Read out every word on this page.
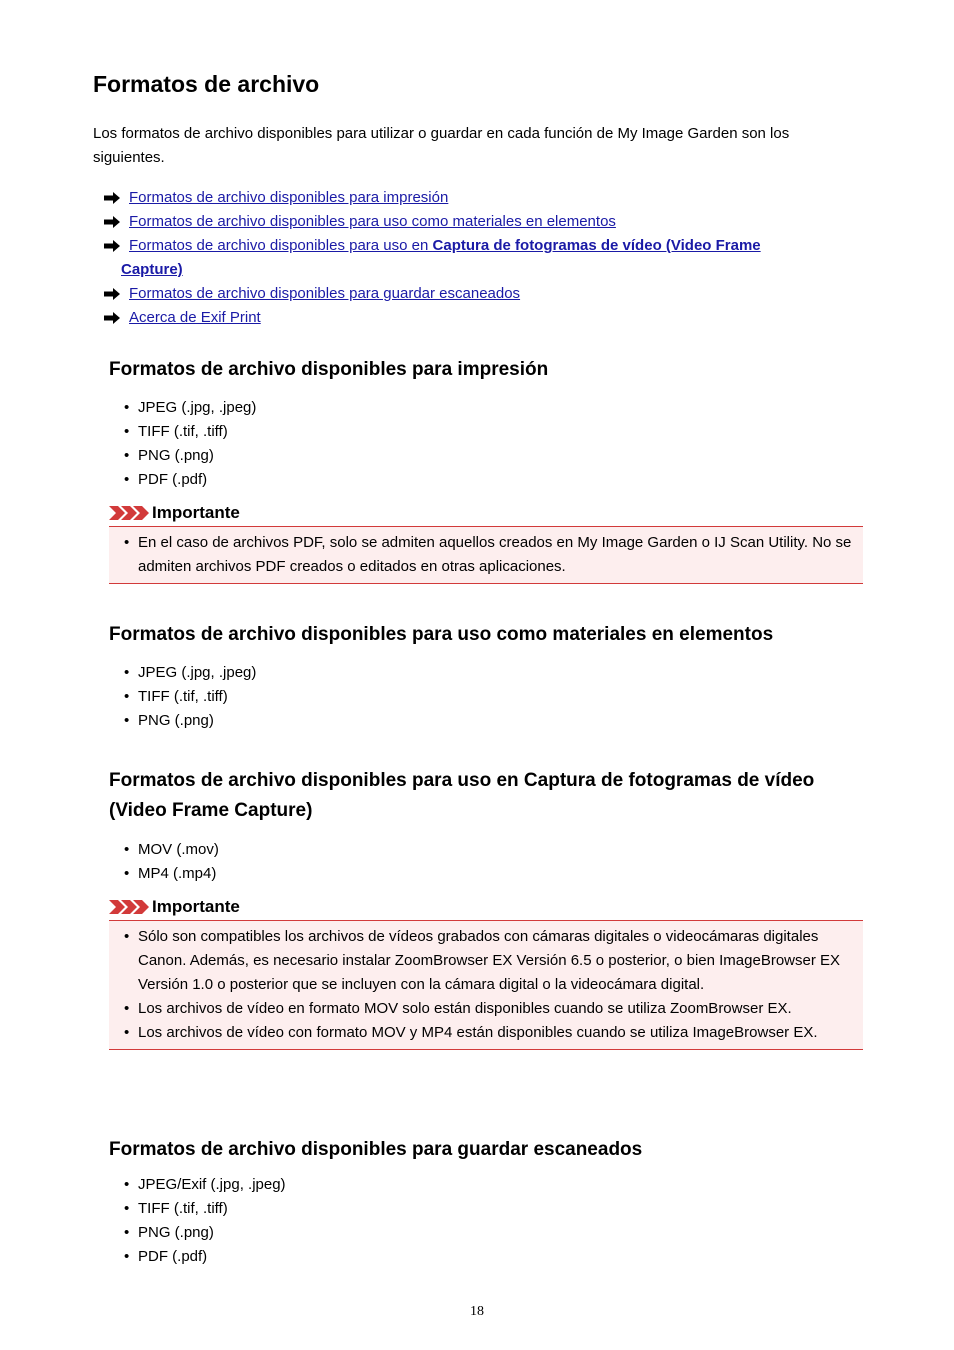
Formatos de archivo

Los formatos de archivo disponibles para utilizar o guardar en cada función de My Image Garden son los siguientes.

Formatos de archivo disponibles para impresión
Formatos de archivo disponibles para uso como materiales en elementos
Formatos de archivo disponibles para uso en Captura de fotogramas de vídeo (Video Frame
Capture)
Formatos de archivo disponibles para guardar escaneados
Acerca de Exif Print
Formatos de archivo disponibles para impresión
• JPEG (.jpg, .jpeg)
• TIFF (.tif, .tiff)
• PNG (.png)
• PDF (.pdf)
Importante
• En el caso de archivos PDF, solo se admiten aquellos creados en My Image Garden o IJ Scan Utility. No se admiten archivos PDF creados o editados en otras aplicaciones.
Formatos de archivo disponibles para uso como materiales en elementos
• JPEG (.jpg, .jpeg)
• TIFF (.tif, .tiff)
• PNG (.png)
Formatos de archivo disponibles para uso en Captura de fotogramas de vídeo (Video Frame Capture)
• MOV (.mov)
• MP4 (.mp4)
Importante
• Sólo son compatibles los archivos de vídeos grabados con cámaras digitales o videocámaras digitales Canon. Además, es necesario instalar ZoomBrowser EX Versión 6.5 o posterior, o bien ImageBrowser EX Versión 1.0 o posterior que se incluyen con la cámara digital o la videocámara digital.
• Los archivos de vídeo en formato MOV solo están disponibles cuando se utiliza ZoomBrowser EX.
• Los archivos de vídeo con formato MOV y MP4 están disponibles cuando se utiliza ImageBrowser EX.
Formatos de archivo disponibles para guardar escaneados
• JPEG/Exif (.jpg, .jpeg)
• TIFF (.tif, .tiff)
• PNG (.png)
• PDF (.pdf)
18
